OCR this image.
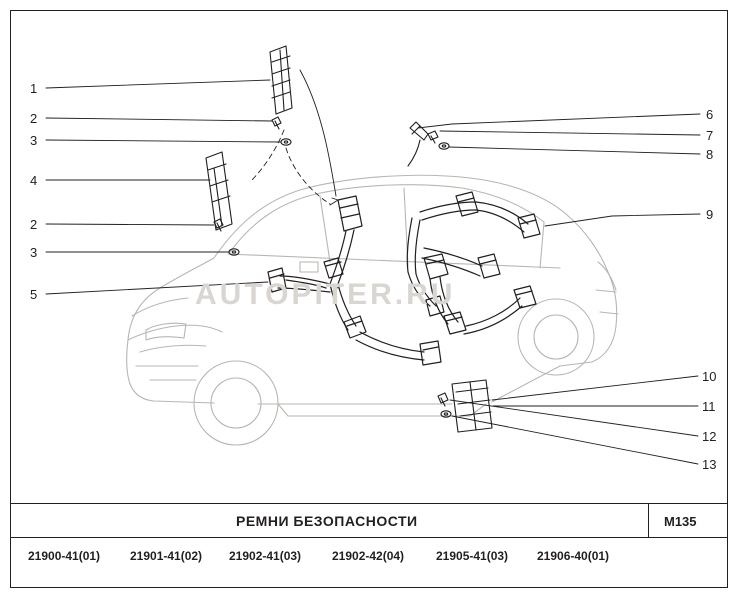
AUTOPITER.RU
1
2
3
4
2
3
5
6
7
8
9
10
11
12
13
РЕМНИ БЕЗОПАСНОСТИ	M135
21900-41(01) 21901-41(02) 21902-41(03)	21902-42(04)	21905-41(03) 21906-40(01)
